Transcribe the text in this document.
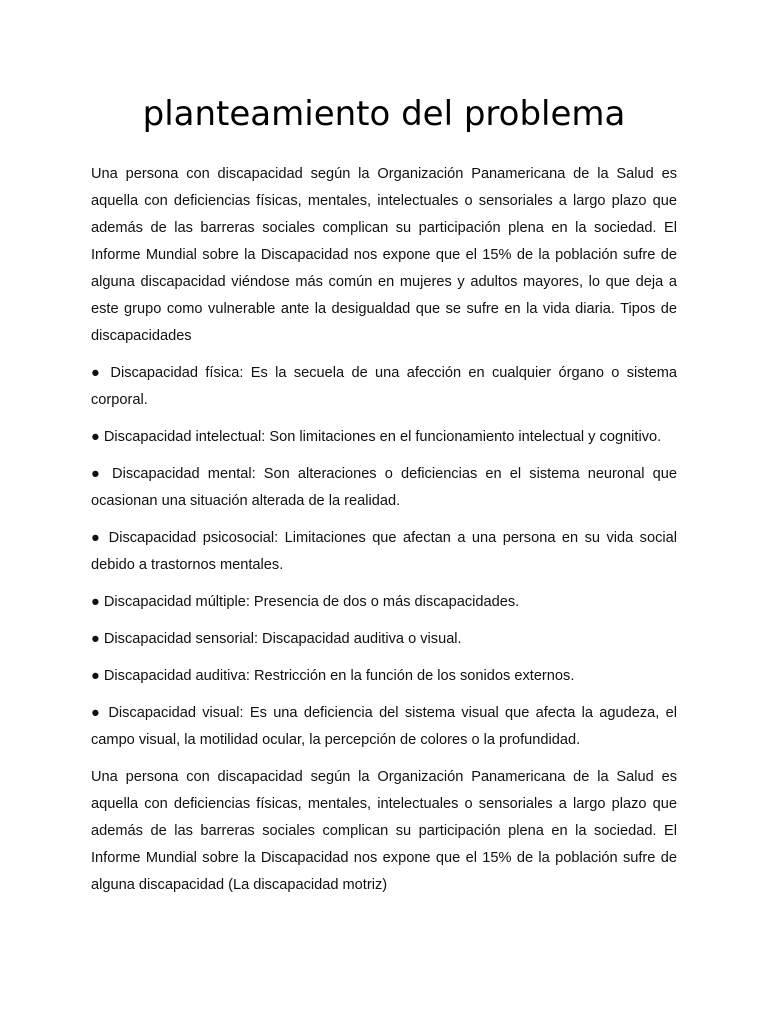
planteamiento del problema

Una persona con discapacidad según la Organización Panamericana de la Salud es aquella con deficiencias físicas, mentales, intelectuales o sensoriales a largo plazo que además de las barreras sociales complican su participación plena en la sociedad. El Informe Mundial sobre la Discapacidad nos expone que el 15% de la población sufre de alguna discapacidad viéndose más común en mujeres y adultos mayores, lo que deja a este grupo como vulnerable ante la desigualdad que se sufre en la vida diaria. Tipos de discapacidades

● Discapacidad física: Es la secuela de una afección en cualquier órgano o sistema corporal.

● Discapacidad intelectual: Son limitaciones en el funcionamiento intelectual y cognitivo.

● Discapacidad mental: Son alteraciones o deficiencias en el sistema neuronal que ocasionan una situación alterada de la realidad.

● Discapacidad psicosocial: Limitaciones que afectan a una persona en su vida social debido a trastornos mentales.

● Discapacidad múltiple: Presencia de dos o más discapacidades.

● Discapacidad sensorial: Discapacidad auditiva o visual.

● Discapacidad auditiva: Restricción en la función de los sonidos externos.

● Discapacidad visual: Es una deficiencia del sistema visual que afecta la agudeza, el campo visual, la motilidad ocular, la percepción de colores o la profundidad.

Una persona con discapacidad según la Organización Panamericana de la Salud es aquella con deficiencias físicas, mentales, intelectuales o sensoriales a largo plazo que además de las barreras sociales complican su participación plena en la sociedad. El Informe Mundial sobre la Discapacidad nos expone que el 15% de la población sufre de alguna discapacidad (La discapacidad motriz)
